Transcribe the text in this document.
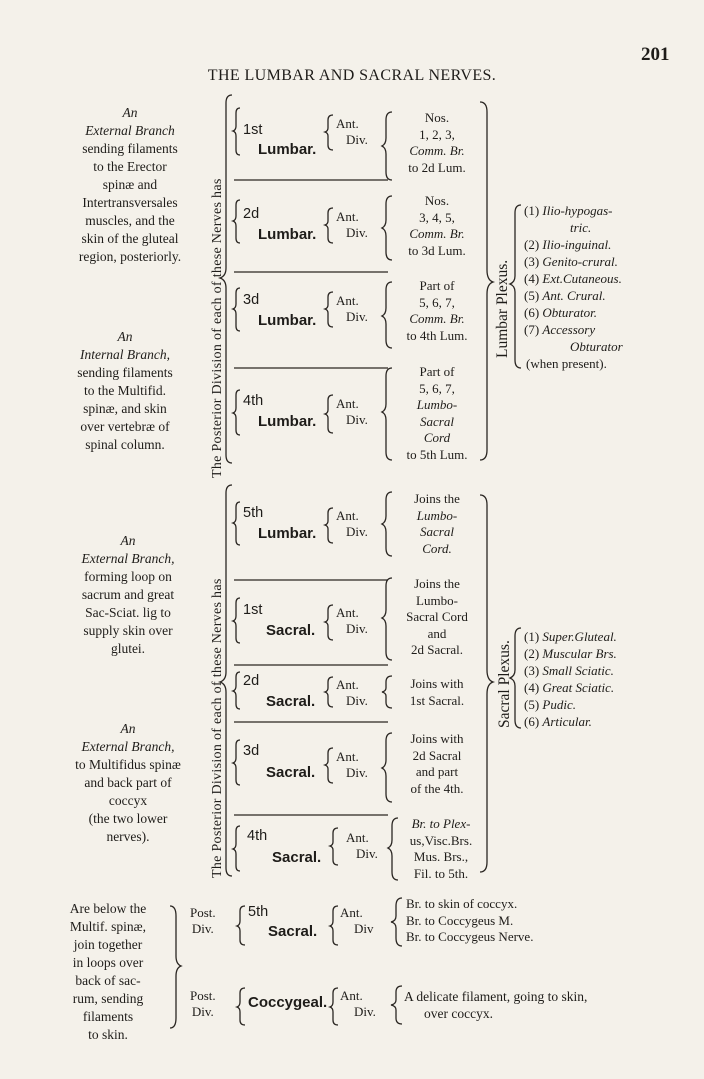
201
THE LUMBAR AND SACRAL NERVES.
An
External Branch
sending filaments
to the Erector
spinæ and
Intertransversales
muscles, and the
skin of the gluteal
region, posteriorly.
An
Internal Branch,
sending filaments
to the Multifid.
spinæ, and skin
over vertebræ of
spinal column.
An
External Branch,
forming loop on
sacrum and great
Sac-Sciat. lig to
supply skin over
glutei.
An
External Branch,
to Multifidus spinæ
and back part of
coccyx
(the two lower
nerves).
Are below the
Multif. spinæ,
join together
in loops over
back of sac-
rum, sending
filaments
to skin.
The Posterior Division of each of these Nerves has
The Posterior Division of each of these Nerves has
1st
Lumbar.
2d
Lumbar.
3d
Lumbar.
4th
Lumbar.
5th
Lumbar.
1st
Sacral.
2d
Sacral.
3d
Sacral.
4th
Sacral.
Ant.
Div.
Ant.
Div.
Ant.
Div.
Ant.
Div.
Ant.
Div.
Ant.
Div.
Ant.
Div.
Ant.
Div.
Ant.
Div.
Nos.
1, 2, 3,
Comm. Br.
to 2d Lum.
Nos.
3, 4, 5,
Comm. Br.
to 3d Lum.
Part of
5, 6, 7,
Comm. Br.
to 4th Lum.
Part of
5, 6, 7,
Lumbo-
Sacral
Cord
to 5th Lum.
Joins the
Lumbo-
Sacral
Cord.
Joins the
Lumbo-
Sacral Cord
and
2d Sacral.
Joins with
1st Sacral.
Joins with
2d Sacral
and part
of the 4th.
Br. to Plex-
us,Visc.Brs.
Mus. Brs.,
Fil. to 5th.
Lumbar Plexus.
Sacral Plexus.
(1) Ilio-hypogas-
tric.
(2) Ilio-inguinal.
(3) Genito-crural.
(4) Ext.Cutaneous.
(5) Ant. Crural.
(6) Obturator.
(7) Accessory
Obturator
(when present).
(1) Super.Gluteal.
(2) Muscular Brs.
(3) Small Sciatic.
(4) Great Sciatic.
(5) Pudic.
(6) Articular.
Post.
Div.
5th
Sacral.
Ant.
Div
Br. to skin of coccyx.
Br. to Coccygeus M.
Br. to Coccygeus Nerve.
Post.
Div.
Coccygeal. Ant.
Div.
A delicate filament, going to skin,
over coccyx.
